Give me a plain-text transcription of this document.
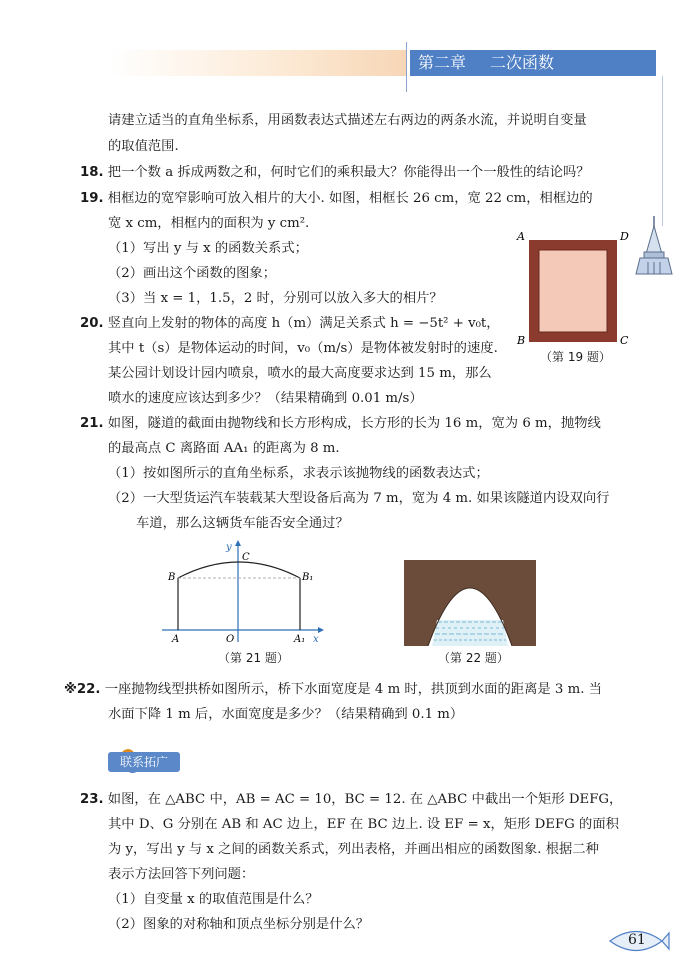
第二章 二次函数
请建立适当的直角坐标系，用函数表达式描述左右两边的两条水流，并说明自变量
的取值范围.
18. 把一个数 a 拆成两数之和，何时它们的乘积最大？你能得出一个一般性的结论吗？
19. 相框边的宽窄影响可放入相片的大小. 如图，相框长 26 cm，宽 22 cm，相框边的
宽 x cm，相框内的面积为 y cm².
（1）写出 y 与 x 的函数关系式；
（2）画出这个函数的图象；
（3）当 x = 1，1.5，2 时，分别可以放入多大的相片？
20. 竖直向上发射的物体的高度 h（m）满足关系式 h = −5t² + v₀t，
其中 t（s）是物体运动的时间，v₀（m/s）是物体被发射时的速度.
某公园计划设计园内喷泉，喷水的最大高度要求达到 15 m，那么
喷水的速度应该达到多少？（结果精确到 0.01 m/s）
21. 如图，隧道的截面由抛物线和长方形构成，长方形的长为 16 m，宽为 6 m，抛物线
的最高点 C 离路面 AA₁ 的距离为 8 m.
（1）按如图所示的直角坐标系，求表示该抛物线的函数表达式；
（2）一大型货运汽车装载某大型设备后高为 7 m，宽为 4 m. 如果该隧道内设双向行
车道，那么这辆货车能否安全通过？
※22. 一座抛物线型拱桥如图所示，桥下水面宽度是 4 m 时，拱顶到水面的距离是 3 m. 当
水面下降 1 m 后，水面宽度是多少？（结果精确到 0.1 m）
23. 如图，在 △ABC 中，AB = AC = 10，BC = 12. 在 △ABC 中截出一个矩形 DEFG，
其中 D、G 分别在 AB 和 AC 边上，EF 在 BC 边上. 设 EF = x，矩形 DEFG 的面积
为 y，写出 y 与 x 之间的函数关系式，列出表格，并画出相应的函数图象. 根据二种
表示方法回答下列问题：
（1）自变量 x 的取值范围是什么？
（2）图象的对称轴和顶点坐标分别是什么？
A	D
B	C
（第 19 题）
y
x
C
B	B₁
A	O	A₁
（第 21 题）	（第 22 题）
联系拓广
61
